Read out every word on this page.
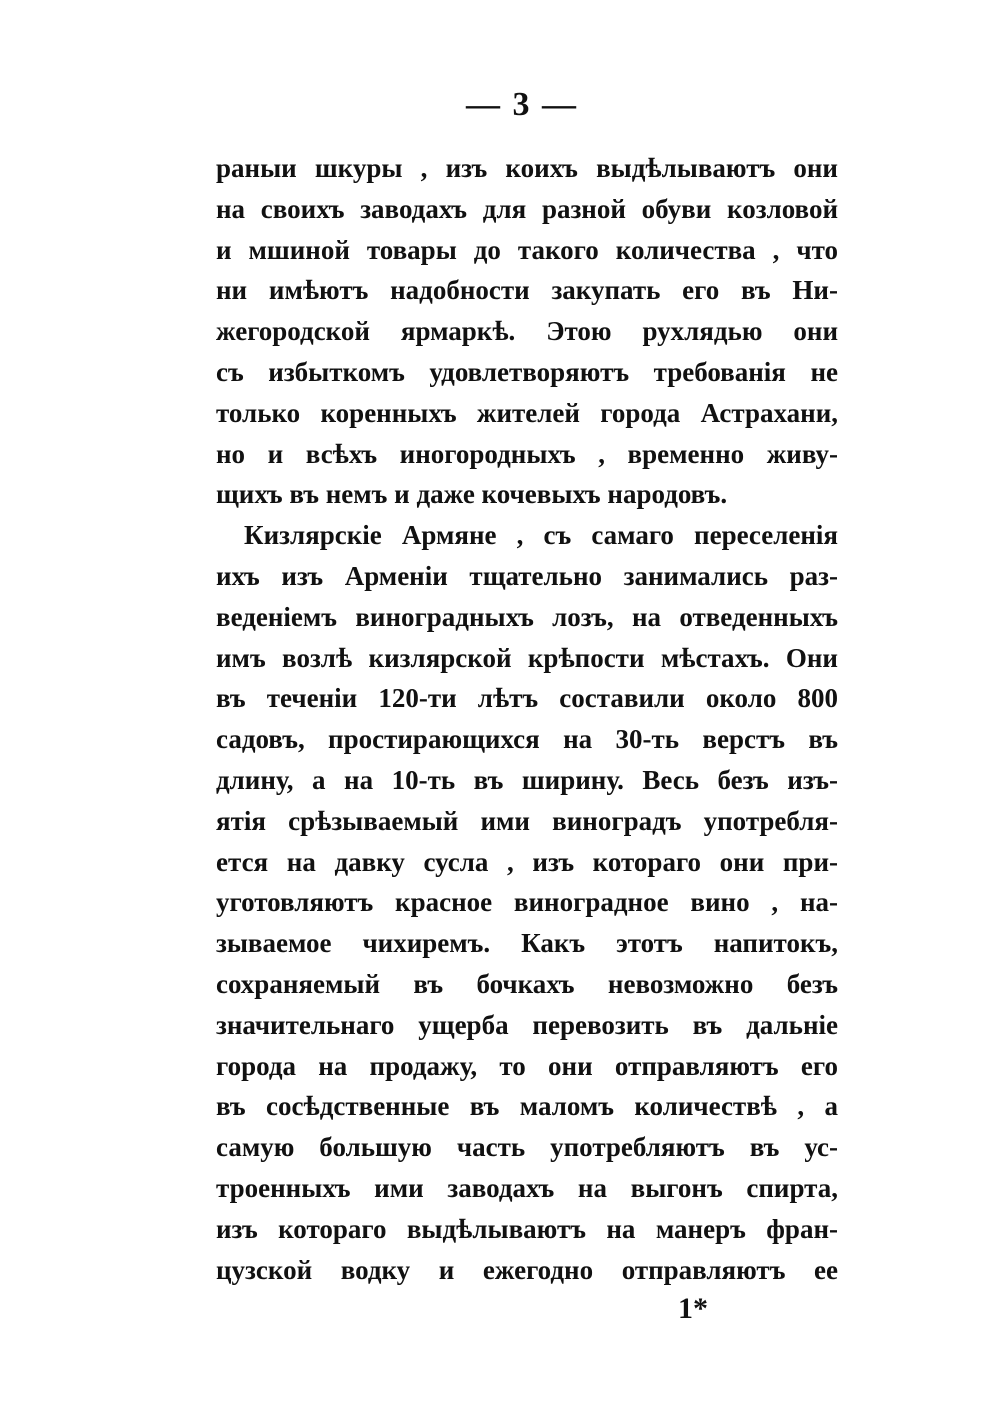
— 3 —
раныи шкуры , изъ коихъ выдѣлываютъ они
на своихъ заводахъ для разной обуви козловой
и мшиной товары до такого количества , что
ни имѣютъ надобности закупать его въ Ни-
жегородской ярмаркѣ. Этою рухлядью они
съ избыткомъ удовлетворяютъ требованія не
только коренныхъ жителей города Астрахани,
но и всѣхъ иногородныхъ , временно живу-
щихъ въ немъ и даже кочевыхъ народовъ.
Кизлярскіе Армяне , съ самаго переселенія
ихъ изъ Арменіи тщательно занимались раз-
веденіемъ виноградныхъ лозъ, на отведенныхъ
имъ возлѣ кизлярской крѣпости мѣстахъ. Они
въ теченіи 120-ти лѣтъ составили около 800
садовъ, простирающихся на 30-ть верстъ въ
длину, а на 10-ть въ ширину. Весь безъ изъ-
ятія срѣзываемый ими виноградъ употребля-
ется на давку сусла , изъ котораго они при-
уготовляютъ красное виноградное вино , на-
зываемое чихиремъ. Какъ этотъ напитокъ,
сохраняемый въ бочкахъ невозможно безъ
значительнаго ущерба перевозить въ дальніе
города на продажу, то они отправляютъ его
въ сосѣдственные въ маломъ количествѣ , а
самую большую часть употребляютъ въ ус-
троенныхъ ими заводахъ на выгонъ спирта,
изъ котораго выдѣлываютъ на манеръ фран-
цузской водку и ежегодно отправляютъ ее
1*
